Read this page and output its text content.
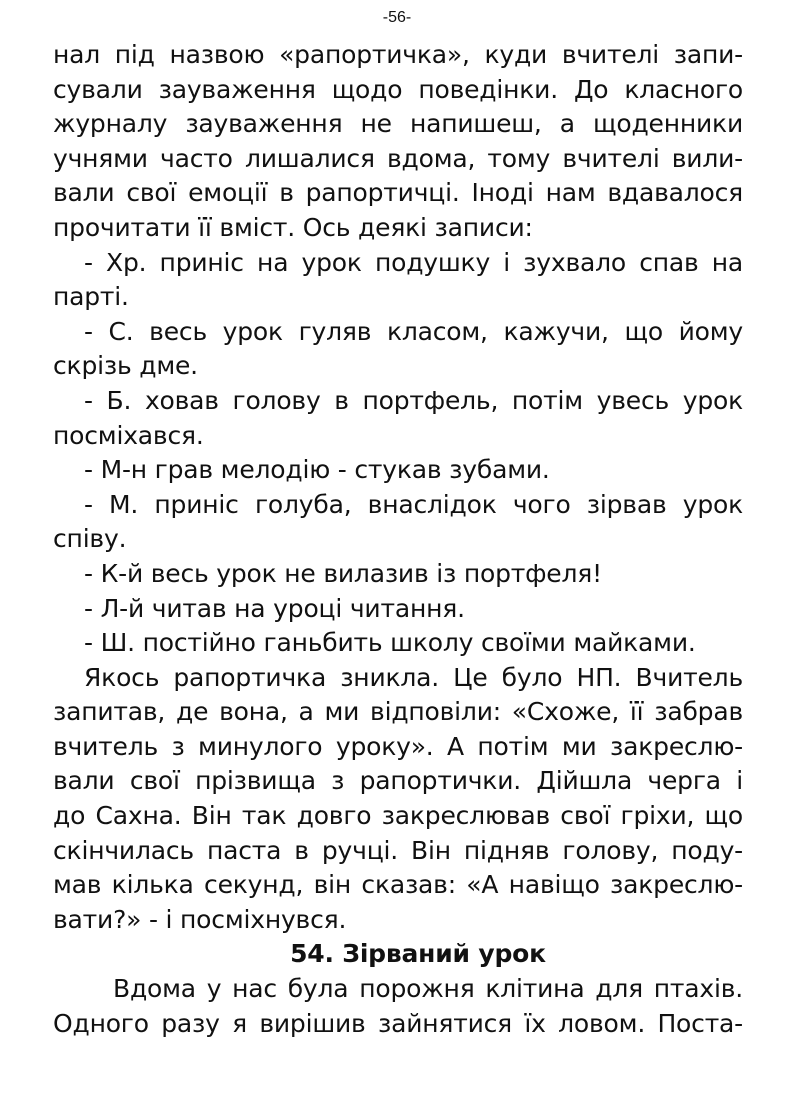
-56-
нал під назвою «рапортичка», куди вчителі запи-
сували зауваження щодо поведінки. До класного
журналу зауваження не напишеш, а щоденники
учнями часто лишалися вдома, тому вчителі вили-
вали свої емоції в рапортичці. Іноді нам вдавалося
прочитати її вміст. Ось деякі записи:
- Хр. приніс на урок подушку і зухвало спав на
парті.
- С. весь урок гуляв класом, кажучи, що йому
скрізь дме.
- Б. ховав голову в портфель, потім увесь урок
посміхався.
- М-н грав мелодію - стукав зубами.
- М. приніс голуба, внаслідок чого зірвав урок
співу.
- К-й весь урок не вилазив із портфеля!
- Л-й читав на уроці читання.
- Ш. постійно ганьбить школу своїми майками.
Якось рапортичка зникла. Це було НП. Вчитель
запитав, де вона, а ми відповіли: «Схоже, її забрав
вчитель з минулого уроку». А потім ми закреслю-
вали свої прізвища з рапортички. Дійшла черга і
до Сахна. Він так довго закреслював свої гріхи, що
скінчилась паста в ручці. Він підняв голову, поду-
мав кілька секунд, він сказав: «А навіщо закреслю-
вати?» - і посміхнувся.
54. Зірваний урок
Вдома у нас була порожня клітина для птахів.
Одного разу я вирішив зайнятися їх ловом. Поста-
